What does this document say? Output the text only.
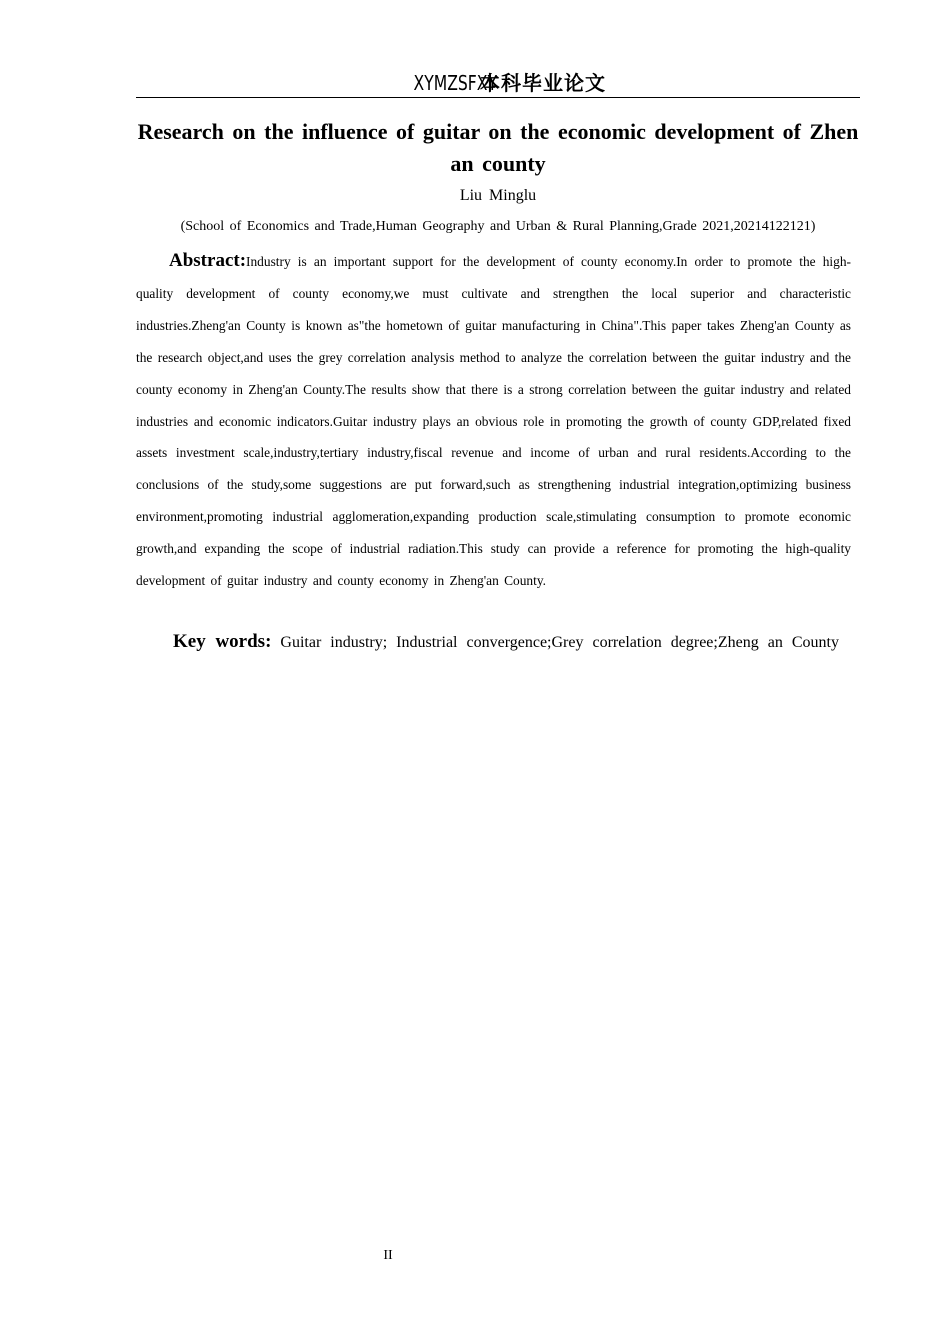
XYMZSFXY 本科毕业论文
Research on the influence of guitar on the economic development of Zhen an county

Liu Minglu

(School of Economics and Trade,Human Geography and Urban & Rural Planning,Grade 2021,20214122121)

Abstract:Industry is an important support for the development of county economy.In order to promote the high-quality development of county economy,we must cultivate and strengthen the local superior and characteristic industries.Zheng'an County is known as"the hometown of guitar manufacturing in China".This paper takes Zheng'an County as the research object,and uses the grey correlation analysis method to analyze the correlation between the guitar industry and the county economy in Zheng'an County.The results show that there is a strong correlation between the guitar industry and related industries and economic indicators.Guitar industry plays an obvious role in promoting the growth of county GDP,related fixed assets investment scale,industry,tertiary industry,fiscal revenue and income of urban and rural residents.According to the conclusions of the study,some suggestions are put forward,such as strengthening industrial integration,optimizing business environment,promoting industrial agglomeration,expanding production scale,stimulating consumption to promote economic growth,and expanding the scope of industrial radiation.This study can provide a reference for promoting the high-quality development of guitar industry and county economy in Zheng'an County.

Key words: Guitar industry; Industrial convergence;Grey correlation degree;Zheng an County

II
